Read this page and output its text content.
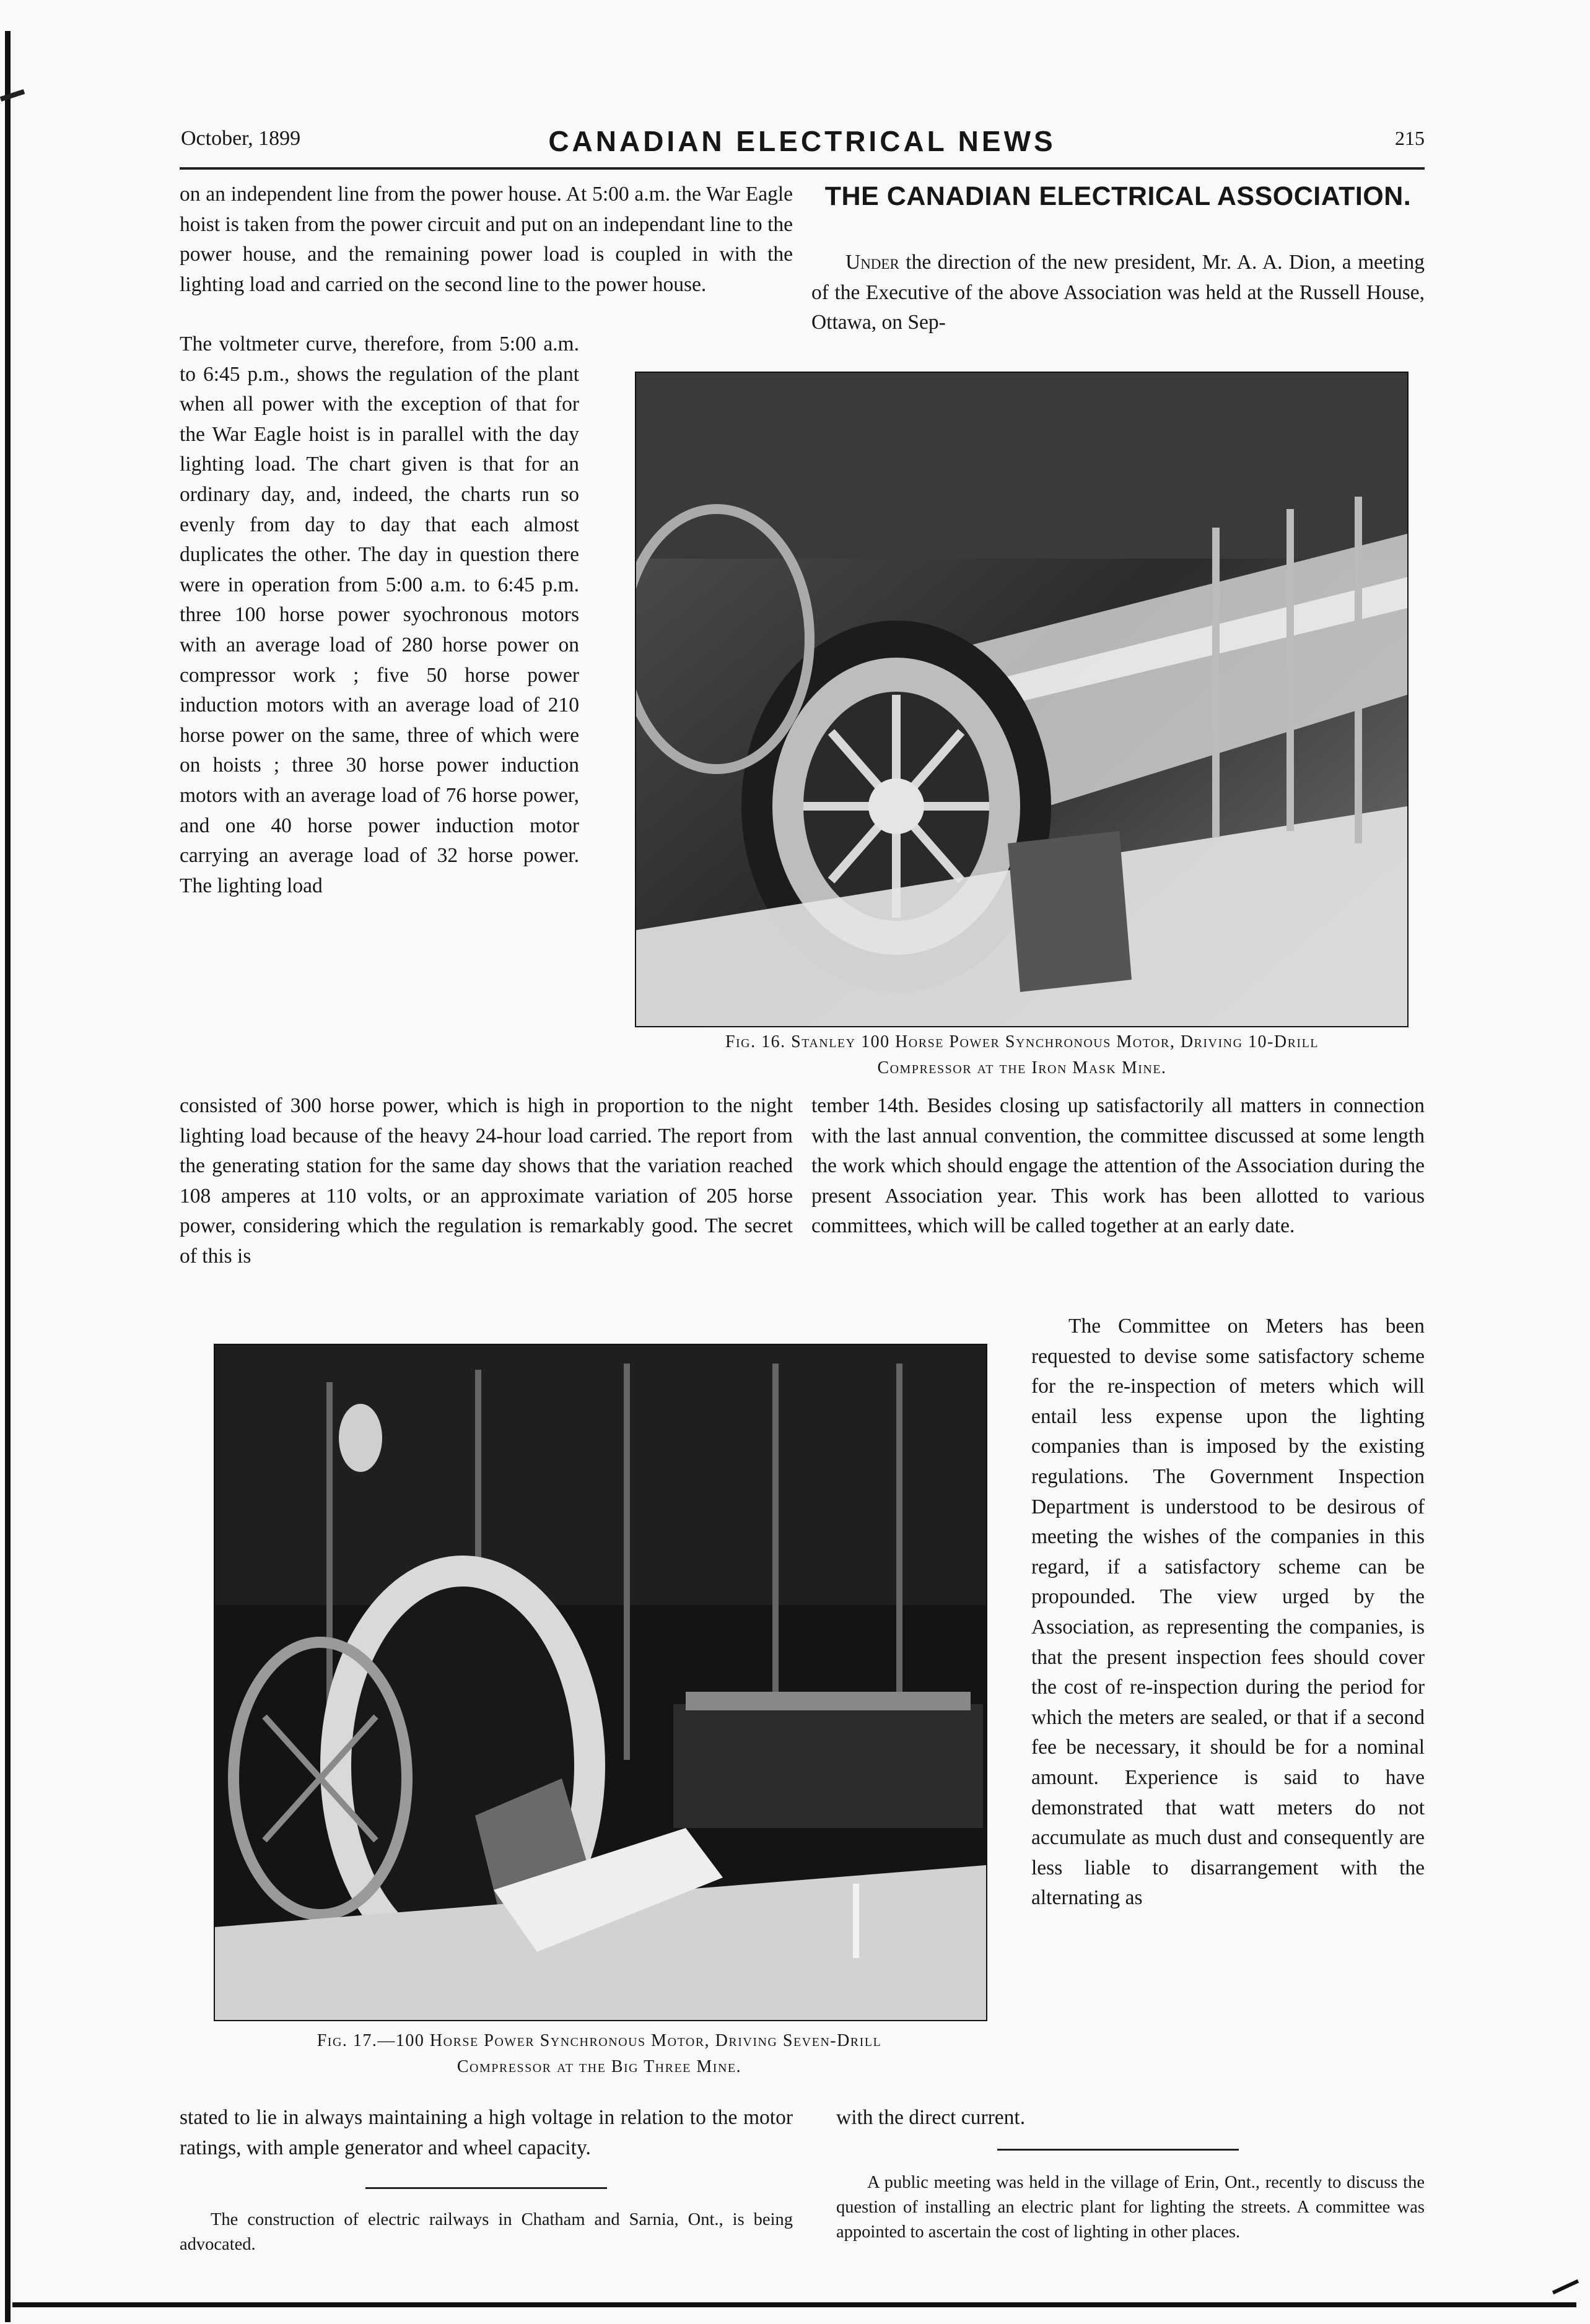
October, 1899	CANADIAN ELECTRICAL NEWS	215
on an independent line from the power house. At 5:00 a.m. the War Eagle hoist is taken from the power circuit and put on an independant line to the power house, and the remaining power load is coupled in with the lighting load and carried on the second line to the power house.
The voltmeter curve, therefore, from 5:00 a.m. to 6:45 p.m., shows the regulation of the plant when all power with the exception of that for the War Eagle hoist is in parallel with the day lighting load. The chart given is that for an ordinary day, and, indeed, the charts run so evenly from day to day that each almost duplicates the other. The day in question there were in operation from 5:00 a.m. to 6:45 p.m. three 100 horse power syochronous motors with an average load of 280 horse power on compressor work ; five 50 horse power induction motors with an average load of 210 horse power on the same, three of which were on hoists ; three 30 horse power induction motors with an average load of 76 horse power, and one 40 horse power induction motor carrying an average load of 32 horse power. The lighting load
THE CANADIAN ELECTRICAL ASSOCIATION.
Under the direction of the new president, Mr. A. A. Dion, a meeting of the Executive of the above Association was held at the Russell House, Ottawa, on Sep-
Fig. 16. Stanley 100 Horse Power Synchronous Motor, Driving 10-Drill
Compressor at the Iron Mask Mine.
consisted of 300 horse power, which is high in proportion to the night lighting load because of the heavy 24-hour load carried. The report from the generating station for the same day shows that the variation reached 108 amperes at 110 volts, or an approximate variation of 205 horse power, considering which the regulation is remarkably good. The secret of this is
tember 14th. Besides closing up satisfactorily all matters in connection with the last annual convention, the committee discussed at some length the work which should engage the attention of the Association during the present Association year. This work has been allotted to various committees, which will be called together at an early date.
Fig. 17.—100 Horse Power Synchronous Motor, Driving Seven-Drill
Compressor at the Big Three Mine.

The Committee on Meters has been requested to devise some satisfactory scheme for the re-inspection of meters which will entail less expense upon the lighting companies than is imposed by the existing regulations. The Government Inspection Department is understood to be desirous of meeting the wishes of the companies in this regard, if a satisfactory scheme can be propounded. The view urged by the Association, as representing the companies, is that the present inspection fees should cover the cost of re-inspection during the period for which the meters are sealed, or that if a second fee be necessary, it should be for a nominal amount. Experience is said to have demonstrated that watt meters do not accumulate as much dust and consequently are less liable to disarrangement with the alternating as

stated to lie in always maintaining a high voltage in relation to the motor ratings, with ample generator and wheel capacity.
with the direct current.
The construction of electric railways in Chatham and Sarnia, Ont., is being advocated.
A public meeting was held in the village of Erin, Ont., recently to discuss the question of installing an electric plant for lighting the streets. A committee was appointed to ascertain the cost of lighting in other places.
